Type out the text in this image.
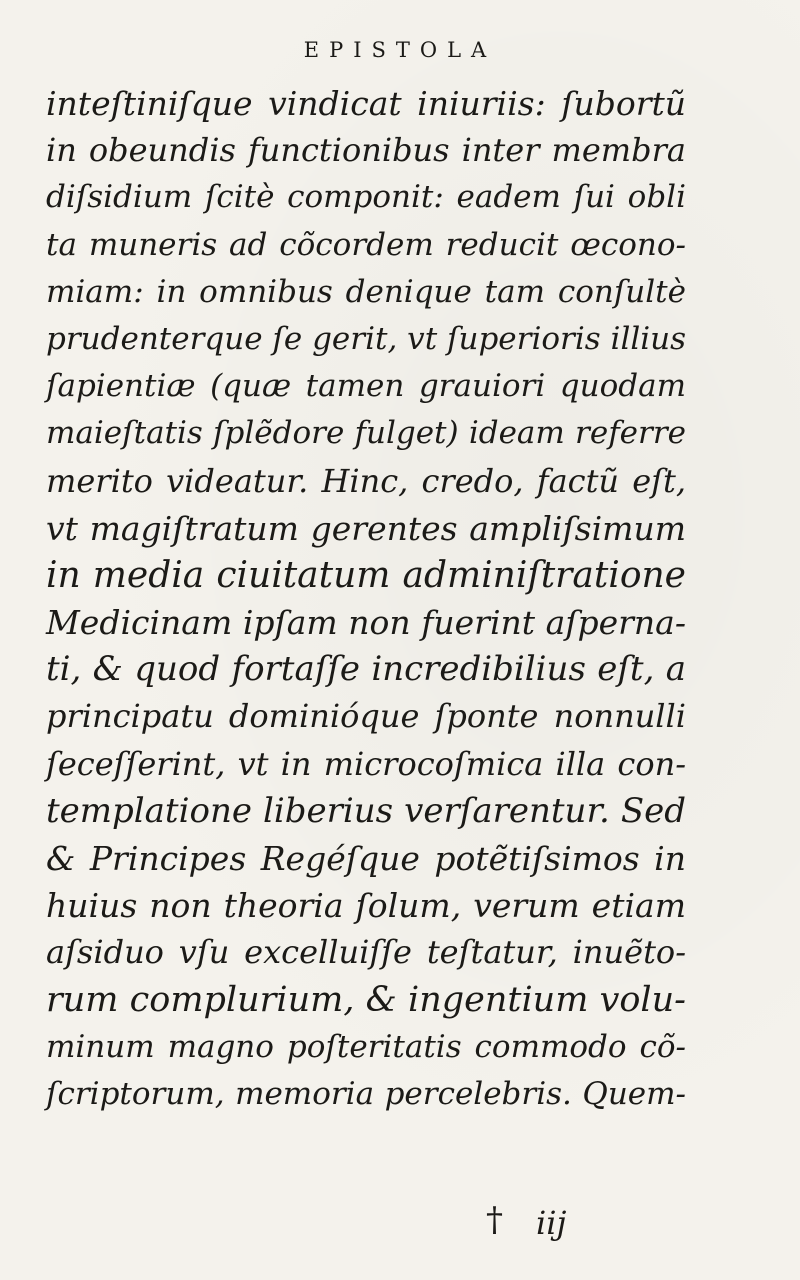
EPISTOLA
inteſtiniſque vindicat iniuriis: ſubortũ
in obeundis functionibus inter membra
diſsidium ſcitè componit: eadem ſui obli
ta muneris ad cõcordem reducit œcono-
miam: in omnibus denique tam conſultè
prudenterque ſe gerit, vt ſuperioris illius
ſapientiæ (quæ tamen grauiori quodam
maieſtatis ſplẽdore fulget) ideam referre
merito videatur. Hinc, credo, factũ eſt,
vt magiſtratum gerentes ampliſsimum
in media ciuitatum adminiſtratione
Medicinam ipſam non fuerint aſperna-
ti, & quod fortaſſe incredibilius eſt, a
principatu dominióque ſponte nonnulli
ſeceſſerint, vt in microcoſmica illa con-
templatione liberius verſarentur. Sed
& Principes Regéſque potẽtiſsimos in
huius non theoria ſolum, verum etiam
aſsiduo vſu excelluiſſe teſtatur, inuẽto-
rum complurium, & ingentium volu-
minum magno poſteritatis commodo cõ-
ſcriptorum, memoria percelebris. Quem-
† iij
